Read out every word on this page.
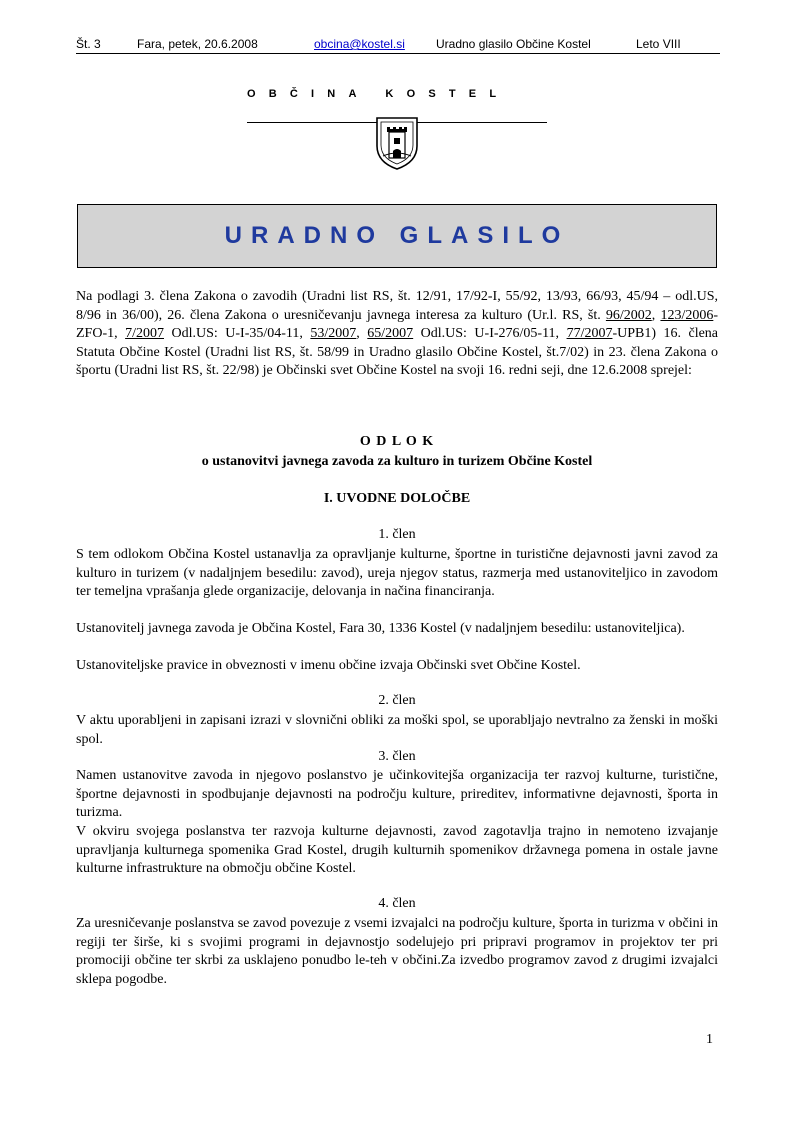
Št. 3	Fara, petek, 20.6.2008	obcina@kostel.si	Uradno glasilo Občine Kostel	Leto VIII
OBČINA KOSTEL
URADNO GLASILO

Na podlagi 3. člena Zakona o zavodih (Uradni list RS, št. 12/91, 17/92-I, 55/92, 13/93, 66/93, 45/94 – odl.US, 8/96 in 36/00), 26. člena Zakona o uresničevanju javnega interesa za kulturo (Ur.l. RS, št. 96/2002, 123/2006-ZFO-1, 7/2007 Odl.US: U-I-35/04-11, 53/2007, 65/2007 Odl.US: U-I-276/05-11, 77/2007-UPB1) 16. člena Statuta Občine Kostel (Uradni list RS, št. 58/99 in Uradno glasilo Občine Kostel, št.7/02) in 23. člena Zakona o športu (Uradni list RS, št. 22/98) je Občinski svet Občine Kostel na svoji 16. redni seji, dne 12.6.2008 sprejel:

O D L O K

o ustanovitvi javnega zavoda za kulturo in turizem Občine Kostel

I. UVODNE DOLOČBE

1. člen

S tem odlokom Občina Kostel ustanavlja za opravljanje kulturne, športne in turistične dejavnosti javni zavod za kulturo in turizem (v nadaljnjem besedilu: zavod), ureja njegov status, razmerja med ustanoviteljico in zavodom ter temeljna vprašanja glede organizacije, delovanja in načina financiranja.

Ustanovitelj javnega zavoda je Občina Kostel, Fara 30, 1336 Kostel (v nadaljnjem besedilu: ustanoviteljica).

Ustanoviteljske pravice in obveznosti v imenu občine izvaja Občinski svet Občine Kostel.

2. člen

V aktu uporabljeni in zapisani izrazi v slovnični obliki za moški spol, se uporabljajo nevtralno za ženski in moški spol.

3. člen

Namen ustanovitve zavoda in njegovo poslanstvo je učinkovitejša organizacija ter razvoj kulturne, turistične, športne dejavnosti in spodbujanje dejavnosti na področju kulture, prireditev, informativne dejavnosti, športa in turizma.

V okviru svojega poslanstva ter razvoja kulturne dejavnosti, zavod zagotavlja trajno in nemoteno izvajanje upravljanja kulturnega spomenika Grad Kostel, drugih kulturnih spomenikov državnega pomena in ostale javne kulturne infrastrukture na območju občine Kostel.

4. člen

Za uresničevanje poslanstva se zavod povezuje z vsemi izvajalci na področju kulture, športa in turizma v občini in regiji ter širše, ki s svojimi programi in dejavnostjo sodelujejo pri pripravi programov in projektov ter pri promociji občine ter skrbi za usklajeno ponudbo le-teh v občini.Za izvedbo programov zavod z drugimi izvajalci sklepa pogodbe.

1
